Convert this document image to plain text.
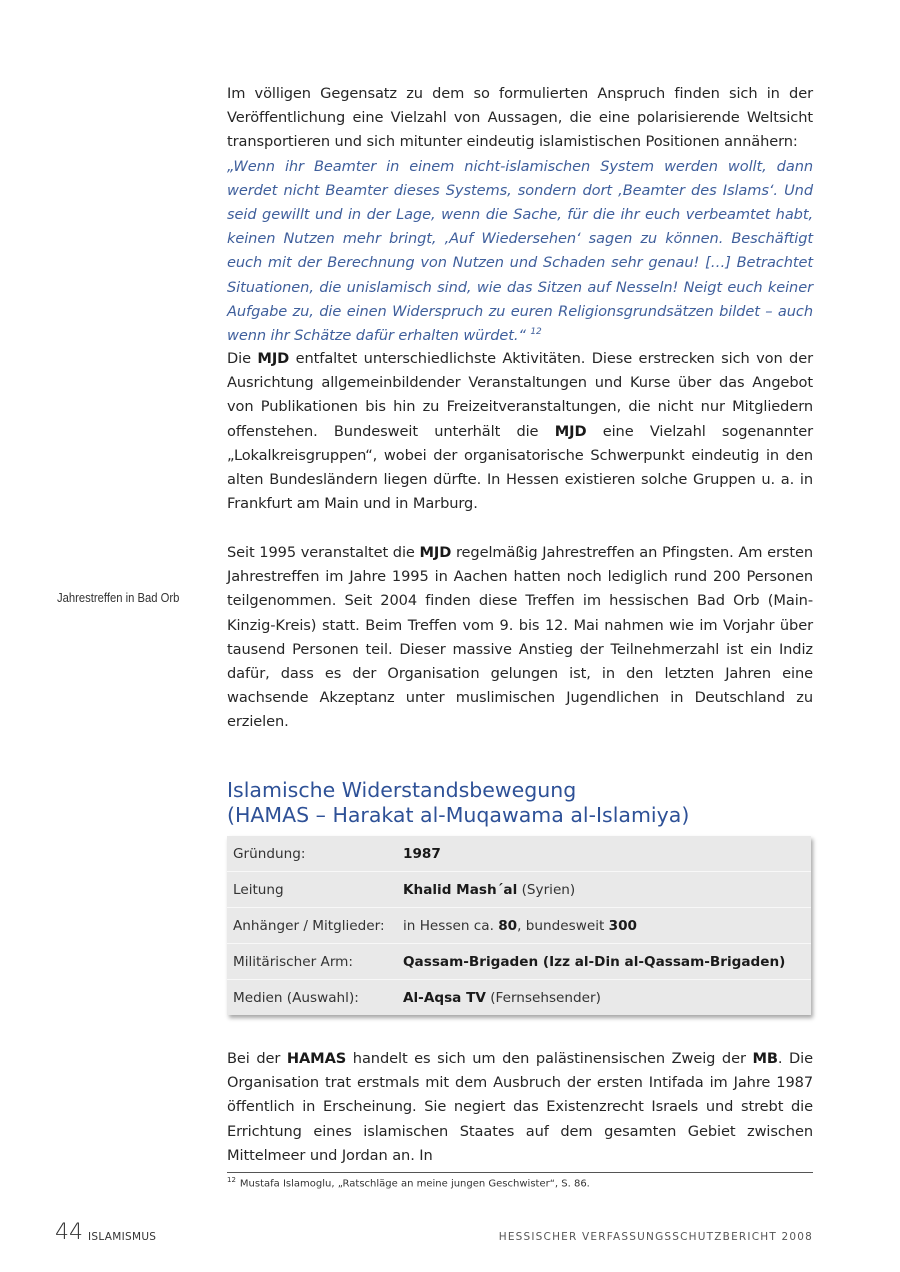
Im völligen Gegensatz zu dem so formulierten Anspruch finden sich in der Veröffentlichung eine Vielzahl von Aussagen, die eine polarisierende Weltsicht transportieren und sich mitunter eindeutig islamistischen Positionen annähern:

„Wenn ihr Beamter in einem nicht-islamischen System werden wollt, dann werdet nicht Beamter dieses Systems, sondern dort ‚Beamter des Islams‘. Und seid gewillt und in der Lage, wenn die Sache, für die ihr euch verbeamtet habt, keinen Nutzen mehr bringt, ‚Auf Wiedersehen‘ sagen zu können. Beschäftigt euch mit der Berechnung von Nutzen und Schaden sehr genau! […] Betrachtet Situationen, die unislamisch sind, wie das Sitzen auf Nesseln! Neigt euch keiner Aufgabe zu, die einen Widerspruch zu euren Religionsgrundsätzen bildet – auch wenn ihr Schätze dafür erhalten würdet.“ $^{12}$

Die MJD entfaltet unterschiedlichste Aktivitäten. Diese erstrecken sich von der Ausrichtung allgemeinbildender Veranstaltungen und Kurse über das Angebot von Publikationen bis hin zu Freizeitveranstaltungen, die nicht nur Mitgliedern offenstehen. Bundesweit unterhält die MJD eine Vielzahl sogenannter „Lokalkreisgruppen“, wobei der organisatorische Schwerpunkt eindeutig in den alten Bundesländern liegen dürfte. In Hessen existieren solche Gruppen u. a. in Frankfurt am Main und in Marburg.

Seit 1995 veranstaltet die MJD regelmäßig Jahrestreffen an Pfingsten. Am ersten Jahrestreffen im Jahre 1995 in Aachen hatten noch lediglich rund 200 Personen teilgenommen. Seit 2004 finden diese Treffen im hessischen Bad Orb (Main-Kinzig-Kreis) statt. Beim Treffen vom 9. bis 12. Mai nahmen wie im Vorjahr über tausend Personen teil. Dieser massive Anstieg der Teilnehmerzahl ist ein Indiz dafür, dass es der Organisation gelungen ist, in den letzten Jahren eine wachsende Akzeptanz unter muslimischen Jugendlichen in Deutschland zu erzielen.

Jahrestreffen in Bad Orb
Islamische Widerstandsbewegung
(HAMAS – Harakat al-Muqawama al-Islamiya)
Gründung:	1987
Leitung	Khalid Mash´al (Syrien)
Anhänger / Mitglieder:	in Hessen ca. 80, bundesweit 300
Militärischer Arm:	Qassam-Brigaden (Izz al-Din al-Qassam-Brigaden)
Medien (Auswahl):	Al-Aqsa TV (Fernsehsender)

Bei der HAMAS handelt es sich um den palästinensischen Zweig der MB. Die Organisation trat erstmals mit dem Ausbruch der ersten Intifada im Jahre 1987 öffentlich in Erscheinung. Sie negiert das Existenzrecht Israels und strebt die Errichtung eines islamischen Staates auf dem gesamten Gebiet zwischen Mittelmeer und Jordan an. In

$^{12}$ Mustafa Islamoglu, „Ratschläge an meine jungen Geschwister“, S. 86.
44 ISLAMISMUS	HESSISCHER VERFASSUNGSSCHUTZBERICHT 2008
